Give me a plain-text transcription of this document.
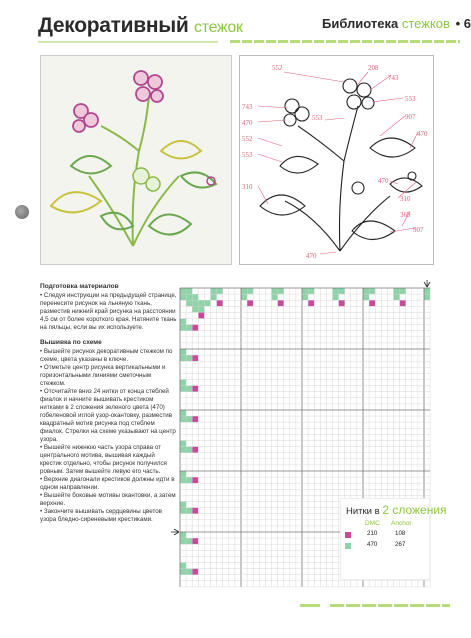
Декоративный стежок	Библиотека стежков • 6
743
470
552
553
310
552	208
743
553
907
470
470
310
369
907
553
470
Подготовка материалов
• Следуя инструкции на предыдущей странице, перенесите рисунок на льняную ткань, разместив нижний край рисунка на расстоянии 4,5 см от более короткого края. Натяните ткань на пяльцы, если вы их используете.
Вышивка по схеме
• Вышейте рисунок декоративным стежком по схеме, цвета указаны в ключе.
• Отметьте центр рисунка вертикальными и горизонтальными линиями сметочным стежком.
• Отсчитайте вниз 24 нитки от конца стеблей фиалок и начните вышивать крестиком нитками в 2 сложения зеленого цвета (470) гобеленовой иглой узор-окантовку, разместив квадратный мотив рисунка под стеблем фиалок. Стрелки на схеме указывают на центр узора.
• Вышейте нижнюю часть узора справа от центрального мотива, вышивая каждый крестик отдельно, чтобы рисунок получился ровным. Затем вышейте левую его часть.
• Верхние диагонали крестиков должны идти в одном направлении.
• Вышейте боковые мотивы окантовки, а затем верхние.
• Закончите вышивать сердцевины цветов узора бледно-сиреневыми крестиками.
Нитки в 2 сложения
DMC Anchor
210	108
470	267
